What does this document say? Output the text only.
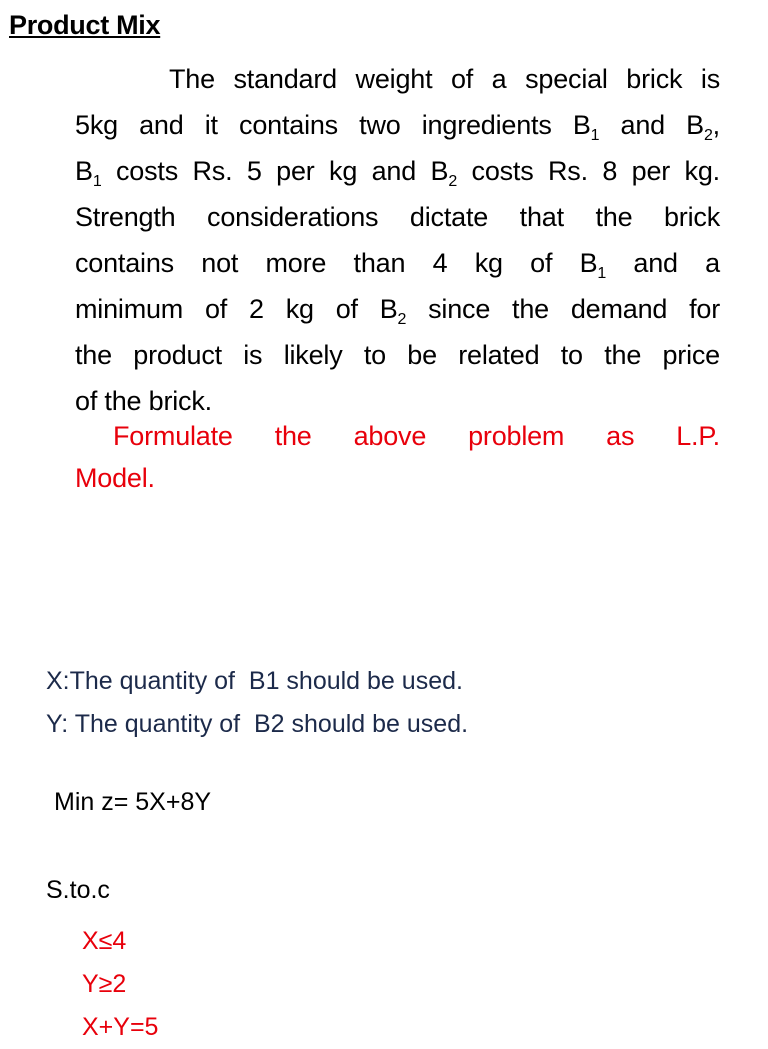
Product Mix
The standard weight of a special brick is
5kg and it contains two ingredients $B_1$ and $B_2$,
$B_1$ costs Rs. 5 per kg and $B_2$ costs Rs. 8 per kg.
Strength considerations dictate that the brick
contains not more than 4 kg of $B_1$ and a
minimum of 2 kg of $B_2$ since the demand for
the product is likely to be related to the price
of the brick.
Formulate the above problem as L.P.
Model.
X:The quantity of  B1 should be used.
Y: The quantity of  B2 should be used.
Min z= 5X+8Y
S.to.c
X≤4
Y≥2
X+Y=5
